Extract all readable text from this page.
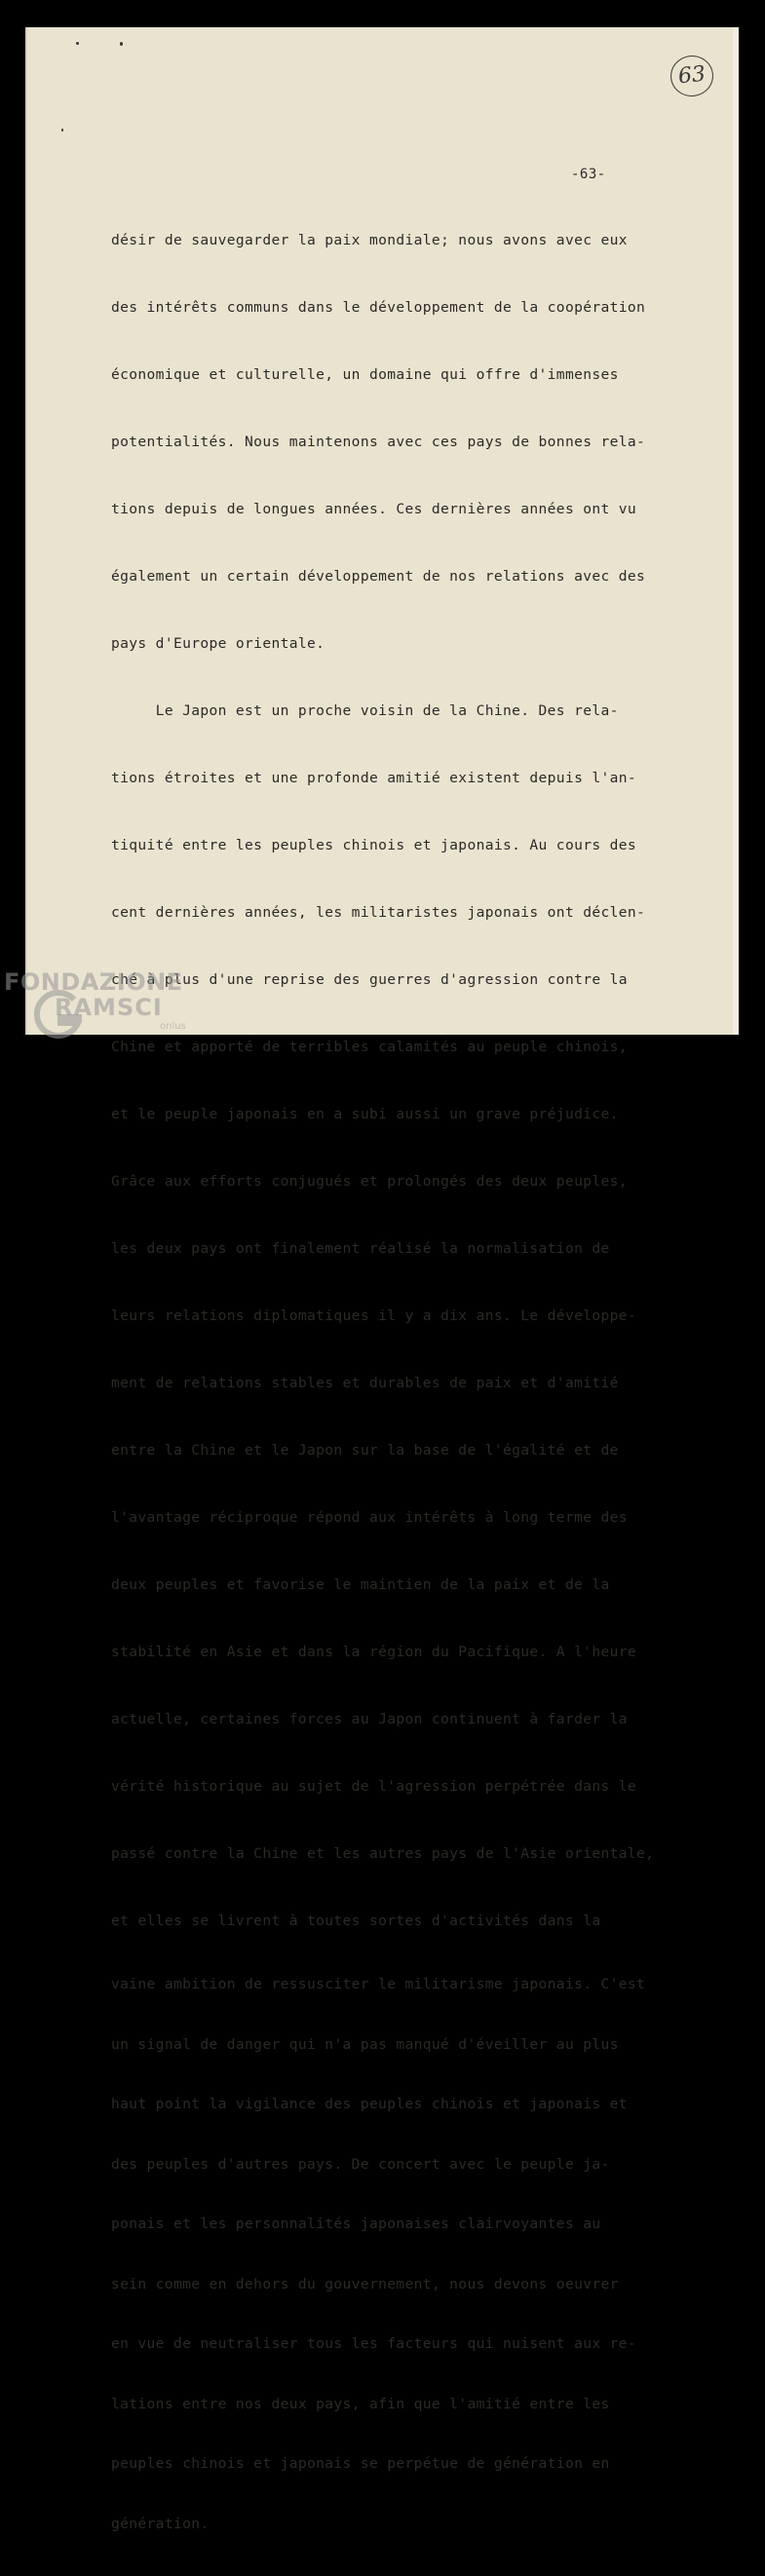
63
-63-

désir de sauvegarder la paix mondiale; nous avons avec eux

des intérêts communs dans le développement de la coopération

économique et culturelle, un domaine qui offre d'immenses

potentialités. Nous maintenons avec ces pays de bonnes rela-

tions depuis de longues années. Ces dernières années ont vu

également un certain développement de nos relations avec des

pays d'Europe orientale.

Le Japon est un proche voisin de la Chine. Des rela-

tions étroites et une profonde amitié existent depuis l'an-

tiquité entre les peuples chinois et japonais. Au cours des

cent dernières années, les militaristes japonais ont déclen-

ché à plus d'une reprise des guerres d'agression contre la

Chine et apporté de terribles calamités au peuple chinois,

et le peuple japonais en a subi aussi un grave préjudice.

Grâce aux efforts conjugués et prolongés des deux peuples,

les deux pays ont finalement réalisé la normalisation de

leurs relations diplomatiques il y a dix ans. Le développe-

ment de relations stables et durables de paix et d'amitié

entre la Chine et le Japon sur la base de l'égalité et de

l'avantage réciproque répond aux intérêts à long terme des

deux peuples et favorise le maintien de la paix et de la

stabilité en Asie et dans la région du Pacifique. A l'heure

actuelle, certaines forces au Japon continuent à farder la

vérité historique au sujet de l'agression perpétrée dans le

passé contre la Chine et les autres pays de l'Asie orientale,

et elles se livrent à toutes sortes d'activités dans la

vaine ambition de ressusciter le militarisme japonais. C'est

un signal de danger qui n'a pas manqué d'éveiller au plus

haut point la vigilance des peuples chinois et japonais et

des peuples d'autres pays. De concert avec le peuple ja-

ponais et les personnalités japonaises clairvoyantes au

sein comme en dehors du gouvernement, nous devons oeuvrer

en vue de neutraliser tous les facteurs qui nuisent aux re-

lations entre nos deux pays, afin que l'amitié entre les

peuples chinois et japonais se perpétue de génération en

génération.

FONDAZIONE
RAMSCI
onlus
